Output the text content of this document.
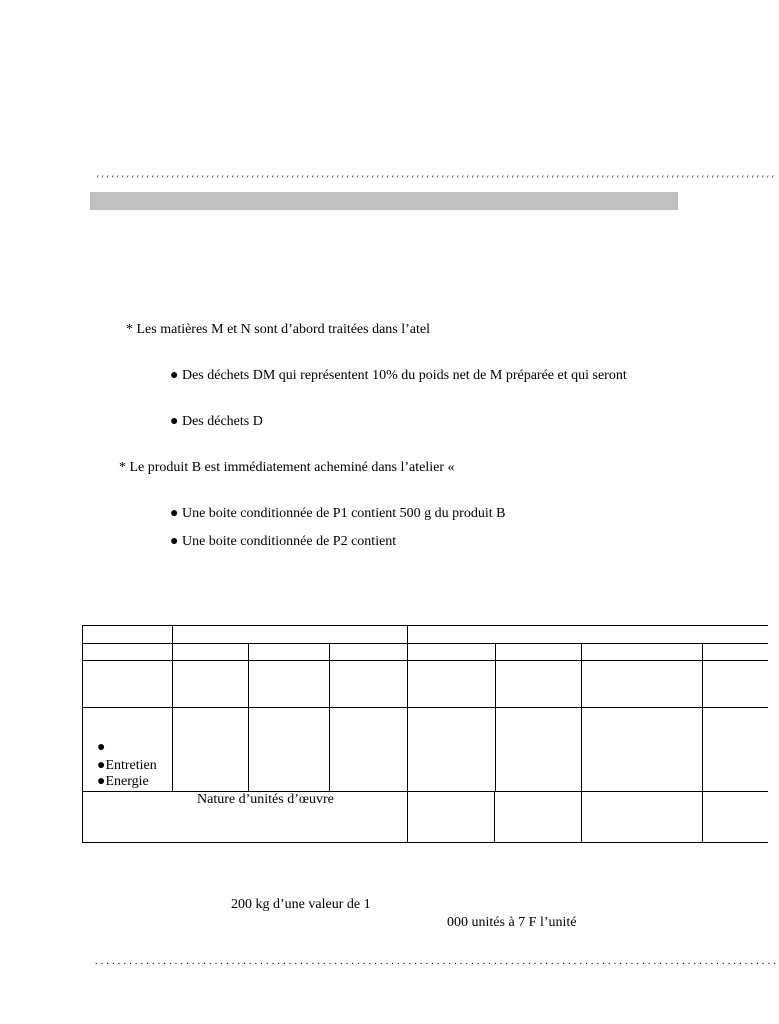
''''''''''''''''''''''''''''''''''''''''''''''''''''''''''''''''''''''''''''''''''''''''''''''''''''''''''''''''''''''''''''''''''''''''
* Les matières M et N sont d’abord traitées dans l’atel
● Des déchets DM qui représentent 10% du poids net de M préparée et qui seront
● Des déchets D
* Le produit B est immédiatement acheminé dans l’atelier «
● Une boite conditionnée de P1 contient 500 g du produit B
● Une boite conditionnée de P2 contient
●
●Entretien
●Energie
Nature d’unités d’œuvre
200 kg d’une valeur de 1
000 unités à 7 F l’unité
........................................................................................................................
